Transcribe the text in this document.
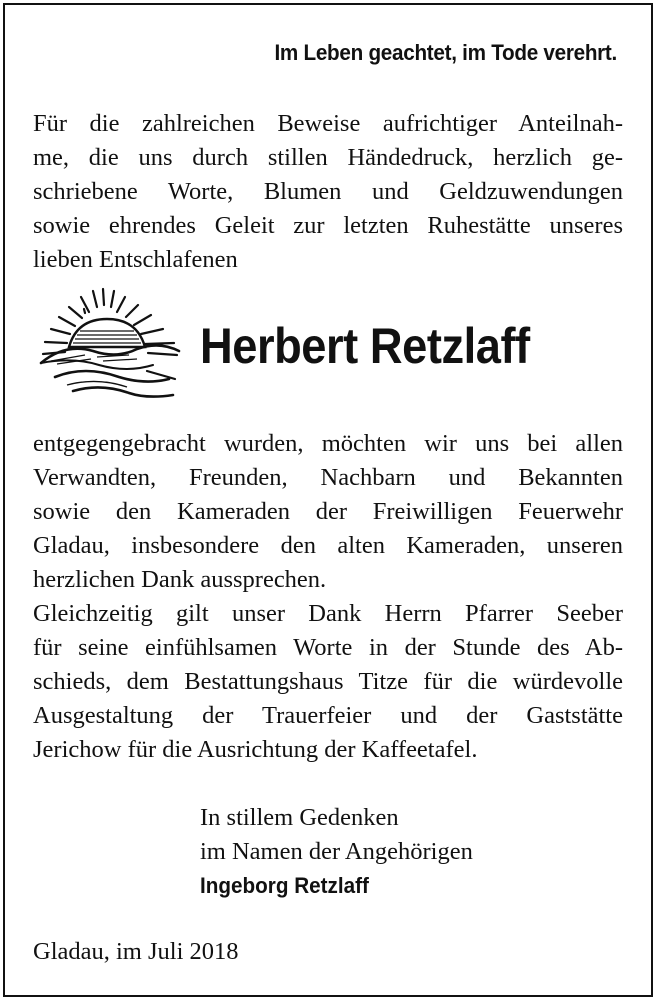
Im Leben geachtet, im Tode verehrt.
Für die zahlreichen Beweise aufrichtiger Anteilnah-
me, die uns durch stillen Händedruck, herzlich ge-
schriebene Worte, Blumen und Geldzuwendungen
sowie ehrendes Geleit zur letzten Ruhestätte unseres
lieben Entschlafenen
Herbert Retzlaff
entgegengebracht wurden, möchten wir uns bei allen
Verwandten, Freunden, Nachbarn und Bekannten
sowie den Kameraden der Freiwilligen Feuerwehr
Gladau, insbesondere den alten Kameraden, unseren
herzlichen Dank aussprechen.
Gleichzeitig gilt unser Dank Herrn Pfarrer Seeber
für seine einfühlsamen Worte in der Stunde des Ab-
schieds, dem Bestattungshaus Titze für die würdevolle
Ausgestaltung der Trauerfeier und der Gaststätte
Jerichow für die Ausrichtung der Kaffeetafel.
In stillem Gedenken
im Namen der Angehörigen
Ingeborg Retzlaff
Gladau, im Juli 2018
